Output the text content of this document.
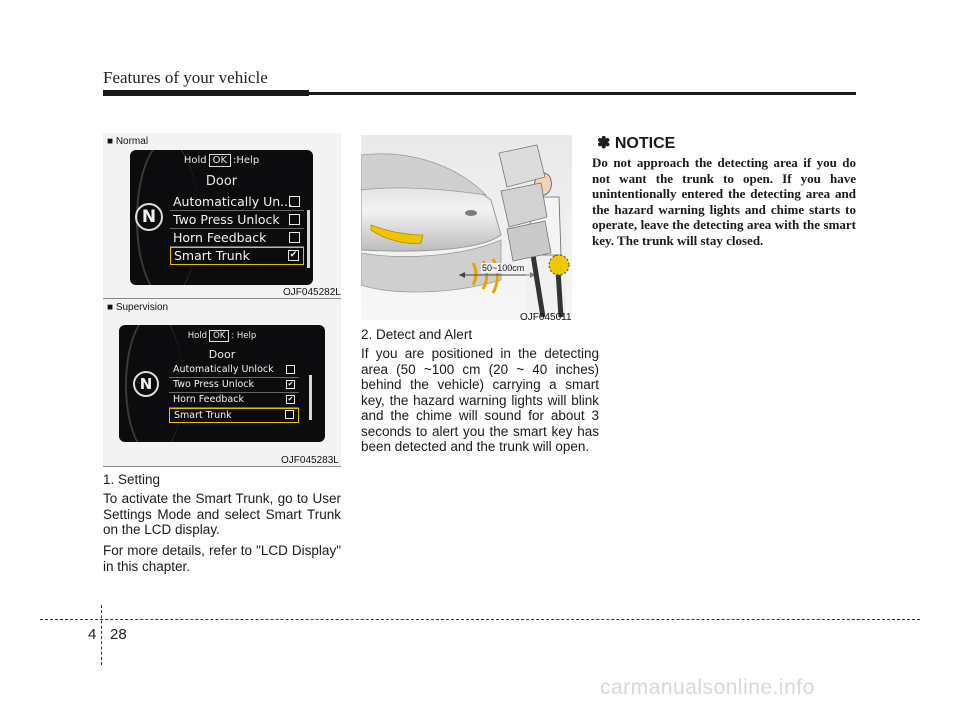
Features of your vehicle
■ Normal
N
Hold OK :Help
Door
Automatically Un...
Two Press Unlock
Horn Feedback
Smart Trunk	✔
OJF045282L
■ Supervision
N
Hold OK : Help
Door
Automatically Unlock
Two Press Unlock	✔
Horn Feedback	✔
Smart Trunk
OJF045283L
1. Setting
To activate the Smart Trunk, go to User Settings Mode and select Smart Trunk on the LCD display.
For more details, refer to "LCD Display" in this chapter.
50~100cm
OJF045011
2. Detect and Alert
If you are positioned in the detecting area (50 ~100 cm (20 ~ 40 inches) behind the vehicle) carrying a smart key, the hazard warning lights will blink and the chime will sound for about 3 seconds to alert you the smart key has been detected and the trunk will open.
✽ NOTICE
Do not approach the detecting area if you do not want the trunk to open. If you have unintentionally entered the detecting area and the hazard warning lights and chime starts to operate, leave the detecting area with the smart key. The trunk will stay closed.
4 28
carmanualsonline.info
